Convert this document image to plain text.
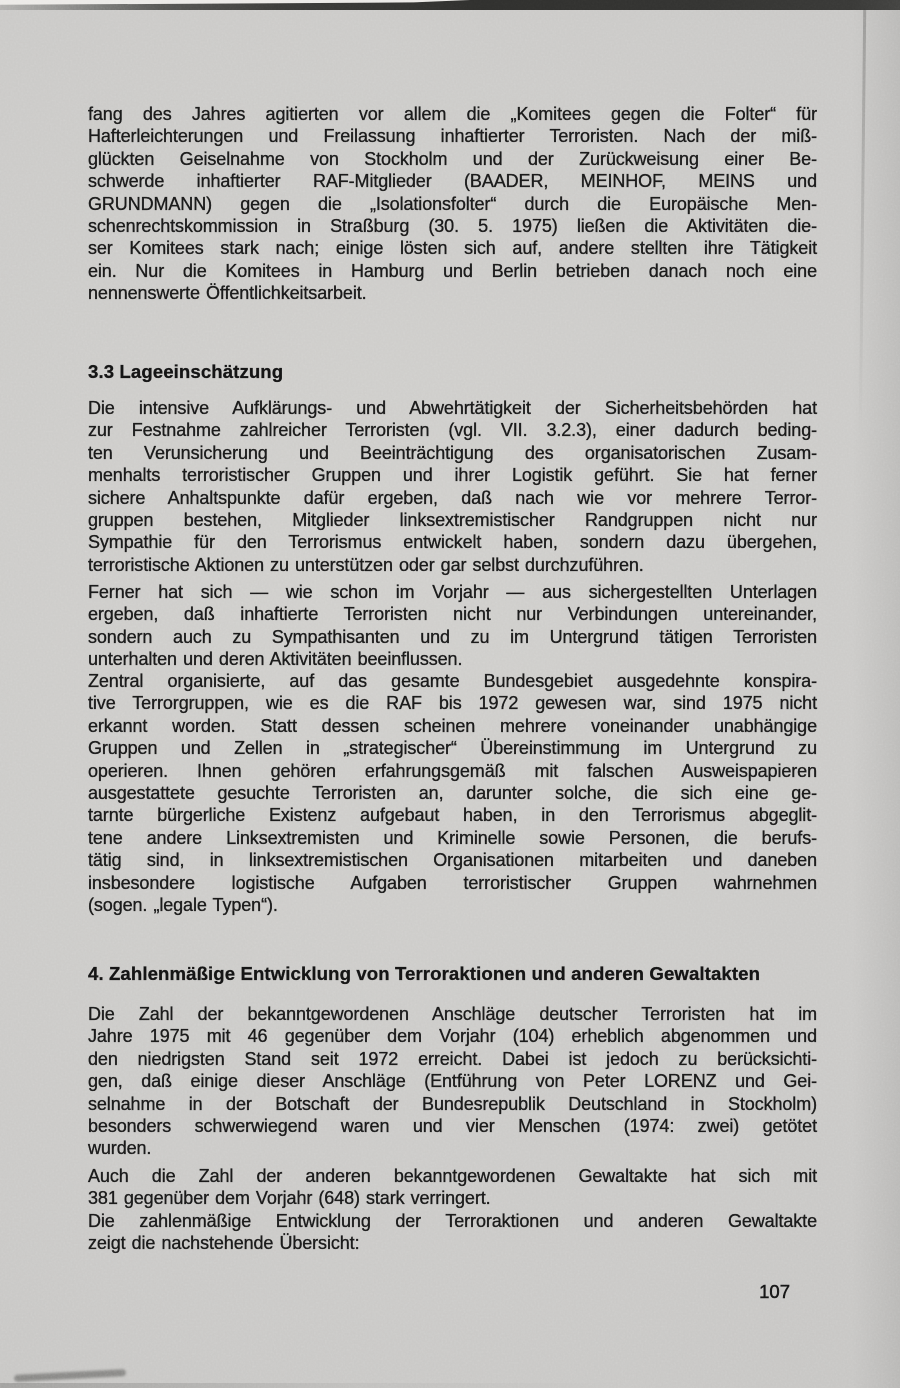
fang des Jahres agitierten vor allem die „Komitees gegen die Folter“ für
Hafterleichterungen und Freilassung inhaftierter Terroristen. Nach der miß-
glückten Geiselnahme von Stockholm und der Zurückweisung einer Be-
schwerde inhaftierter RAF-Mitglieder (BAADER, MEINHOF, MEINS und
GRUNDMANN) gegen die „Isolationsfolter“ durch die Europäische Men-
schenrechtskommission in Straßburg (30. 5. 1975) ließen die Aktivitäten die-
ser Komitees stark nach; einige lösten sich auf, andere stellten ihre Tätigkeit
ein. Nur die Komitees in Hamburg und Berlin betrieben danach noch eine
nennenswerte Öffentlichkeitsarbeit.
3.3 Lageeinschätzung
Die intensive Aufklärungs- und Abwehrtätigkeit der Sicherheitsbehörden hat
zur Festnahme zahlreicher Terroristen (vgl. VII. 3.2.3), einer dadurch beding-
ten Verunsicherung und Beeinträchtigung des organisatorischen Zusam-
menhalts terroristischer Gruppen und ihrer Logistik geführt. Sie hat ferner
sichere Anhaltspunkte dafür ergeben, daß nach wie vor mehrere Terror-
gruppen bestehen, Mitglieder linksextremistischer Randgruppen nicht nur
Sympathie für den Terrorismus entwickelt haben, sondern dazu übergehen,
terroristische Aktionen zu unterstützen oder gar selbst durchzuführen.
Ferner hat sich — wie schon im Vorjahr — aus sichergestellten Unterlagen
ergeben, daß inhaftierte Terroristen nicht nur Verbindungen untereinander,
sondern auch zu Sympathisanten und zu im Untergrund tätigen Terroristen
unterhalten und deren Aktivitäten beeinflussen.
Zentral organisierte, auf das gesamte Bundesgebiet ausgedehnte konspira-
tive Terrorgruppen, wie es die RAF bis 1972 gewesen war, sind 1975 nicht
erkannt worden. Statt dessen scheinen mehrere voneinander unabhängige
Gruppen und Zellen in „strategischer“ Übereinstimmung im Untergrund zu
operieren. Ihnen gehören erfahrungsgemäß mit falschen Ausweispapieren
ausgestattete gesuchte Terroristen an, darunter solche, die sich eine ge-
tarnte bürgerliche Existenz aufgebaut haben, in den Terrorismus abgeglit-
tene andere Linksextremisten und Kriminelle sowie Personen, die berufs-
tätig sind, in linksextremistischen Organisationen mitarbeiten und daneben
insbesondere logistische Aufgaben terroristischer Gruppen wahrnehmen
(sogen. „legale Typen“).
4. Zahlenmäßige Entwicklung von Terroraktionen und anderen Gewaltakten
Die Zahl der bekanntgewordenen Anschläge deutscher Terroristen hat im
Jahre 1975 mit 46 gegenüber dem Vorjahr (104) erheblich abgenommen und
den niedrigsten Stand seit 1972 erreicht. Dabei ist jedoch zu berücksichti-
gen, daß einige dieser Anschläge (Entführung von Peter LORENZ und Gei-
selnahme in der Botschaft der Bundesrepublik Deutschland in Stockholm)
besonders schwerwiegend waren und vier Menschen (1974: zwei) getötet
wurden.
Auch die Zahl der anderen bekanntgewordenen Gewaltakte hat sich mit
381 gegenüber dem Vorjahr (648) stark verringert.
Die zahlenmäßige Entwicklung der Terroraktionen und anderen Gewaltakte
zeigt die nachstehende Übersicht:
107
